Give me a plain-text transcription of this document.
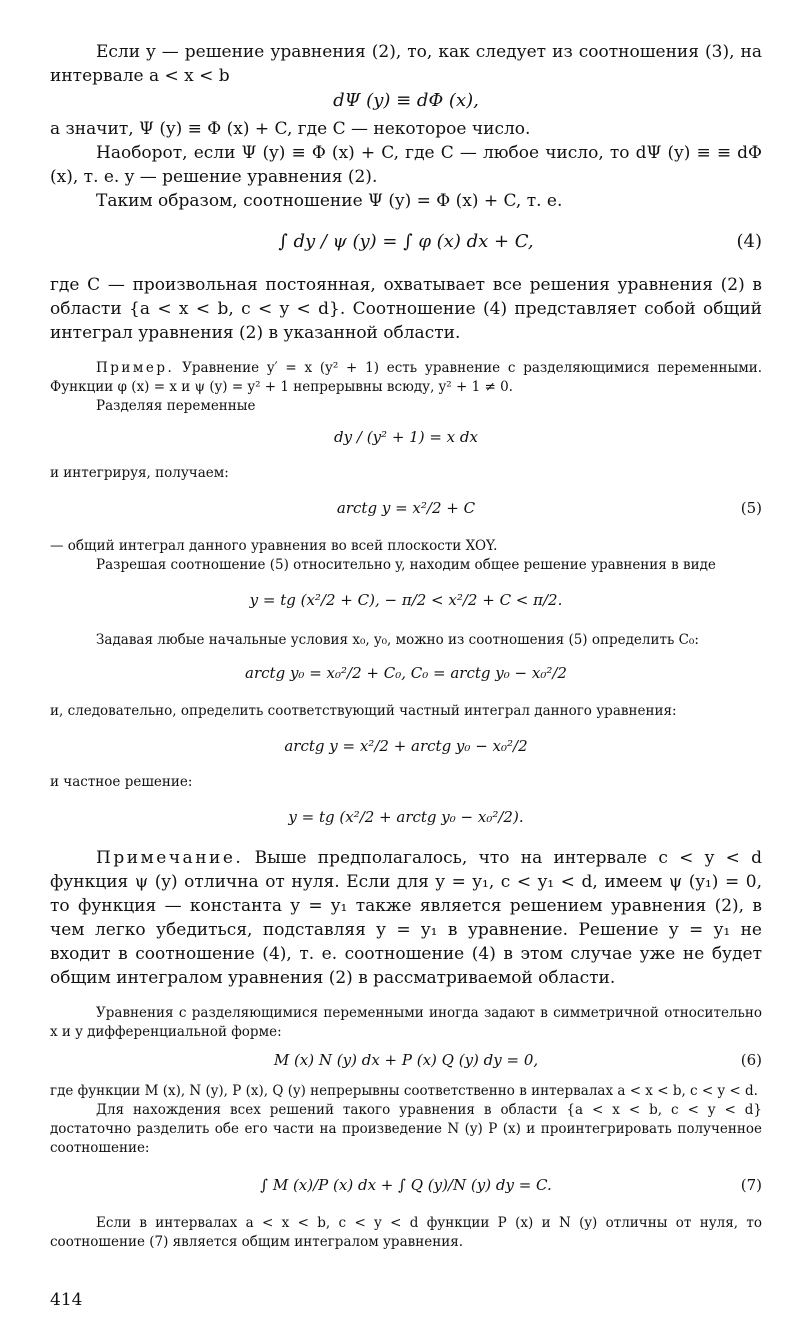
Если y — решение уравнения (2), то, как следует из соотношения (3), на интервале a < x < b

dΨ (y) ≡ dΦ (x),

а значит, Ψ (y) ≡ Φ (x) + C, где C — некоторое число.

Наоборот, если Ψ (y) ≡ Φ (x) + C, где C — любое число, то dΨ (y) ≡ ≡ dΦ (x), т. е. y — решение уравнения (2).

Таким образом, соотношение Ψ (y) = Φ (x) + C, т. е.

∫ dy / ψ (y) = ∫ φ (x) dx + C,	(4)

где C — произвольная постоянная, охватывает все решения уравнения (2) в области {a < x < b, c < y < d}. Соотношение (4) представляет собой общий интеграл уравнения (2) в указанной области.

Пример. Уравнение y′ = x (y² + 1) есть уравнение с разделяющимися переменными. Функции φ (x) = x и ψ (y) = y² + 1 непрерывны всюду, y² + 1 ≠ 0.

Разделяя переменные

dy / (y² + 1) = x dx

и интегрируя, получаем:

arctg y = x²/2 + C	(5)

— общий интеграл данного уравнения во всей плоскости XOY.

Разрешая соотношение (5) относительно y, находим общее решение уравнения в виде

y = tg (x²/2 + C), − π/2 < x²/2 + C < π/2.

Задавая любые начальные условия x₀, y₀, можно из соотношения (5) определить C₀:

arctg y₀ = x₀²/2 + C₀, C₀ = arctg y₀ − x₀²/2

и, следовательно, определить соответствующий частный интеграл данного уравнения:

arctg y = x²/2 + arctg y₀ − x₀²/2

и частное решение:

y = tg (x²/2 + arctg y₀ − x₀²/2).

Примечание. Выше предполагалось, что на интервале c < y < d функция ψ (y) отлична от нуля. Если для y = y₁, c < y₁ < d, имеем ψ (y₁) = 0, то функция — константа y = y₁ также является решением уравнения (2), в чем легко убедиться, подставляя y = y₁ в уравнение. Решение y = y₁ не входит в соотношение (4), т. е. соотношение (4) в этом случае уже не будет общим интегралом уравнения (2) в рассматриваемой области.

Уравнения с разделяющимися переменными иногда задают в симметричной относительно x и y дифференциальной форме:

M (x) N (y) dx + P (x) Q (y) dy = 0,	(6)

где функции M (x), N (y), P (x), Q (y) непрерывны соответственно в интервалах a < x < b, c < y < d.

Для нахождения всех решений такого уравнения в области {a < x < b, c < y < d} достаточно разделить обе его части на произведение N (y) P (x) и проинтегрировать полученное соотношение:

∫ M (x)/P (x) dx + ∫ Q (y)/N (y) dy = C.	(7)

Если в интервалах a < x < b, c < y < d функции P (x) и N (y) отличны от нуля, то соотношение (7) является общим интегралом уравнения.

414
